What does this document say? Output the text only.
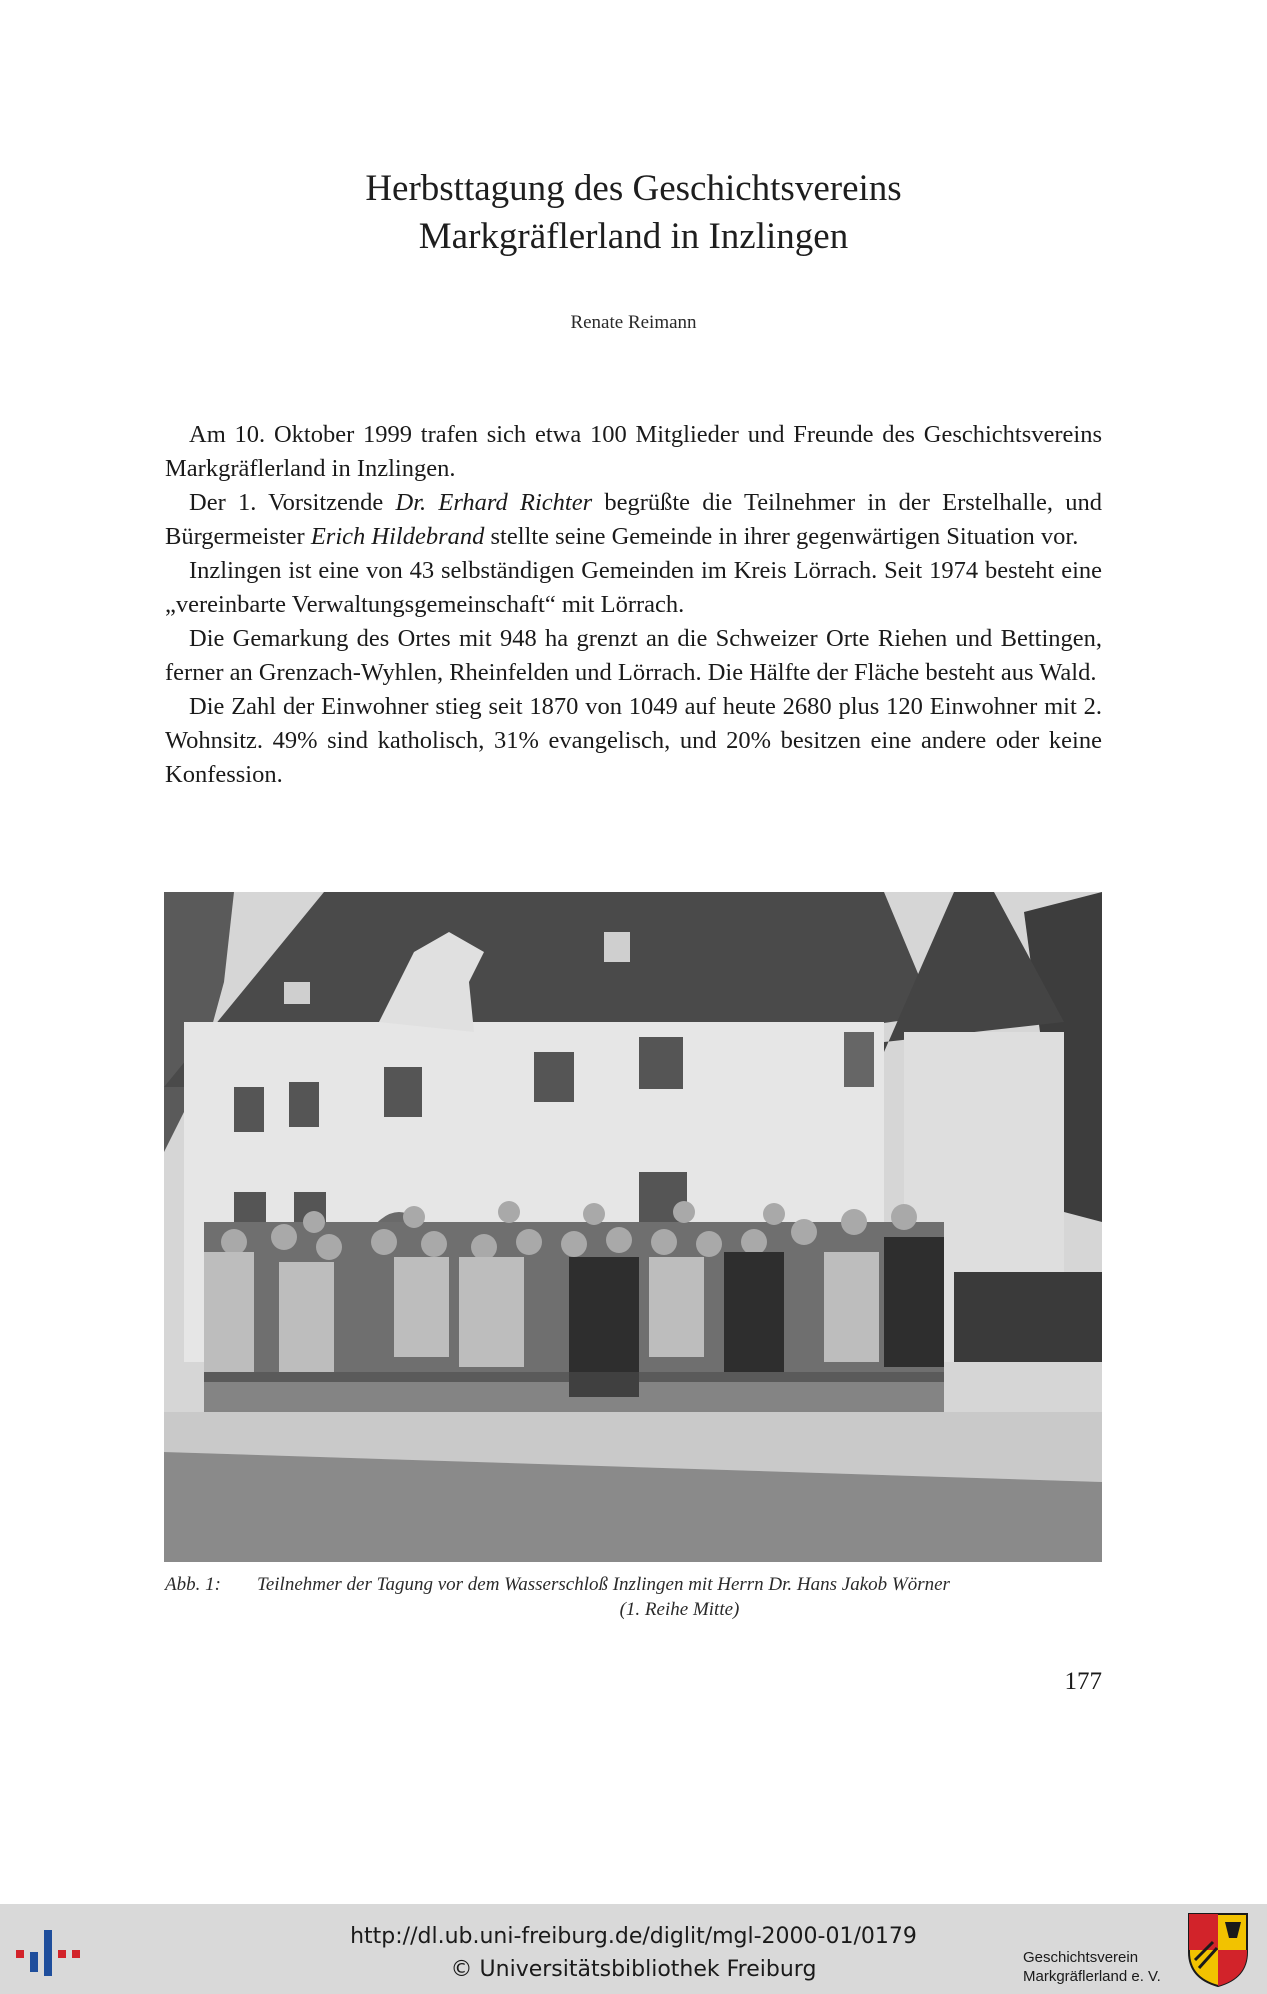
Herbsttagung des Geschichtsvereins
Markgräflerland in Inzlingen
Renate Reimann

Am 10. Oktober 1999 trafen sich etwa 100 Mitglieder und Freunde des Geschichtsvereins Markgräflerland in Inzlingen.

Der 1. Vorsitzende Dr. Erhard Richter begrüßte die Teilnehmer in der Erstelhalle, und Bürgermeister Erich Hildebrand stellte seine Gemeinde in ihrer gegenwärtigen Situation vor.

Inzlingen ist eine von 43 selbständigen Gemeinden im Kreis Lörrach. Seit 1974 besteht eine „vereinbarte Verwaltungsgemeinschaft“ mit Lörrach.

Die Gemarkung des Ortes mit 948 ha grenzt an die Schweizer Orte Riehen und Bettingen, ferner an Grenzach-Wyhlen, Rheinfelden und Lörrach. Die Hälfte der Fläche besteht aus Wald.

Die Zahl der Einwohner stieg seit 1870 von 1049 auf heute 2680 plus 120 Einwohner mit 2. Wohnsitz. 49% sind katholisch, 31% evangelisch, und 20% besitzen eine andere oder keine Konfession.

Abb. 1:	Teilnehmer der Tagung vor dem Wasserschloß Inzlingen mit Herrn Dr. Hans Jakob Wörner
(1. Reihe Mitte)
177
http://dl.ub.uni-freiburg.de/diglit/mgl-2000-01/0179
© Universitätsbibliothek Freiburg	Geschichtsverein
Markgräflerland e. V.
